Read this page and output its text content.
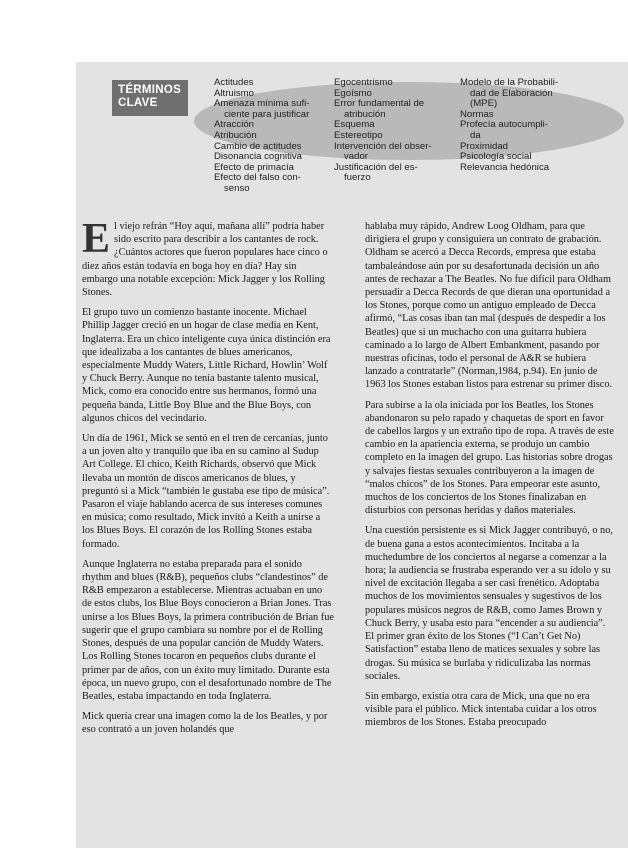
TÉRMINOS
CLAVE
Actitudes
Altruismo
Amenaza mínima sufi-
ciente para justificar
Atracción
Atribución
Cambio de actitudes
Disonancia cognitiva
Efecto de primacía
Efecto del falso con-
senso
Egocentrismo
Egoísmo
Error fundamental de
atribución
Esquema
Estereotipo
Intervención del obser-
vador
Justificación del es-
fuerzo
Modelo de la Probabili-
dad de Elaboración
(MPE)
Normas
Profecía autocumpli-
da
Proximidad
Psicología social
Relevancia hedónica

El viejo refrán “Hoy aquí, mañana allí” podría haber sido escrito para describir a los cantantes de rock. ¿Cuántos actores que fueron populares hace cinco o diez años están todavía en boga hoy en día? Hay sin embargo una notable excepción: Mick Jagger y los Rolling Stones.

El grupo tuvo un comienzo bastante inocente. Michael Phillip Jagger creció en un hogar de clase media en Kent, Inglaterra. Era un chico inteligente cuya única distinción era que idealizaba a los cantantes de blues americanos, especialmente Muddy Waters, Little Richard, Howlin’ Wolf y Chuck Berry. Aunque no tenía bastante talento musical, Mick, como era conocido entre sus hermanos, formó una pequeña banda, Little Boy Blue and the Blue Boys, con algunos chicos del vecindario.

Un día de 1961, Mick se sentó en el tren de cercanías, junto a un joven alto y tranquilo que iba en su camino al Sudup Art College. El chico, Keith Richards, observó que Mick llevaba un montón de discos americanos de blues, y preguntó si a Mick “también le gustaba ese tipo de música”. Pasaron el viaje hablando acerca de sus intereses comunes en música; como resultado, Mick invitó a Keith a unirse a los Blues Boys. El corazón de los Rolling Stones estaba formado.

Aunque Inglaterra no estaba preparada para el sonido rhythm and blues (R&B), pequeños clubs “clandestinos” de R&B empezaron a establecerse. Mientras actuaban en uno de estos clubs, los Blue Boys conocieron a Brian Jones. Tras unirse a los Blues Boys, la primera contribución de Brian fue sugerir que el grupo cambiara su nombre por el de Rolling Stones, después de una popular canción de Muddy Waters. Los Rolling Stones tocaron en pequeños clubs durante el primer par de años, con un éxito muy limitado. Durante esta época, un nuevo grupo, con el desafortunado nombre de The Beatles, estaba impactando en toda Inglaterra.

Mick quería crear una imagen como la de los Beatles, y por eso contrató a un joven holandés que

hablaba muy rápido, Andrew Loog Oldham, para que dirigiera el grupo y consiguiera un contrato de grabación. Oldham se acercó a Decca Records, empresa que estaba tambaleándose aún por su desafortunada decisión un año antes de rechazar a The Beatles. No fue difícil para Oldham persuadir a Decca Records de que dieran una oportunidad a los Stones, porque como un antiguo empleado de Decca afirmó, “Las cosas iban tan mal (después de despedir a los Beatles) que si un muchacho con una guitarra hubiera caminado a lo largo de Albert Embankment, pasando por nuestras oficinas, todo el personal de A&R se hubiera lanzado a contratarle” (Norman,1984, p.94). En junio de 1963 los Stones estaban listos para estrenar su primer disco.

Para subirse a la ola iniciada por los Beatles, los Stones abandonaron su pelo rapado y chaquetas de sport en favor de cabellos largos y un extraño tipo de ropa. A través de este cambio en la apariencia externa, se produjo un cambio completo en la imagen del grupo. Las historias sobre drogas y salvajes fiestas sexuales contribuyeron a la imagen de “malos chicos” de los Stones. Para empeorar este asunto, muchos de los conciertos de los Stones finalizaban en disturbios con personas heridas y daños materiales.

Una cuestión persistente es si Mick Jagger contribuyó, o no, de buena gana a estos acontecimientos. Incitaba a la muchedumbre de los conciertos al negarse a comenzar a la hora; la audiencia se frustraba esperando ver a su ídolo y su nivel de excitación llegaba a ser casi frenético. Adoptaba muchos de los movimientos sensuales y sugestivos de los populares músicos negros de R&B, como James Brown y Chuck Berry, y usaba esto para “encender a su audiencia”. El primer gran éxito de los Stones (“I Can’t Get No) Satisfaction” estaba lleno de matices sexuales y sobre las drogas. Su música se burlaba y ridiculizaba las normas sociales.

Sin embargo, existía otra cara de Mick, una que no era visible para el público. Mick intentaba cuidar a los otros miembros de los Stones. Estaba preocupado
